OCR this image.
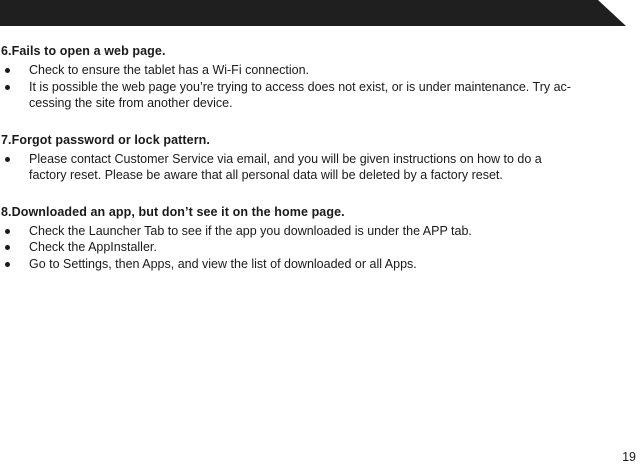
6.Fails to open a web page.
Check to ensure the tablet has a Wi-Fi connection.
It is possible the web page you’re trying to access does not exist, or is under maintenance. Try ac-cessing the site from another device.
7.Forgot password or lock pattern.
Please contact Customer Service via email, and you will be given instructions on how to do a factory reset. Please be aware that all personal data will be deleted by a factory reset.
8.Downloaded an app, but don’t see it on the home page.
Check the Launcher Tab to see if the app you downloaded is under the APP tab.
Check the AppInstaller.
Go to Settings, then Apps, and view the list of downloaded or all Apps.
19
